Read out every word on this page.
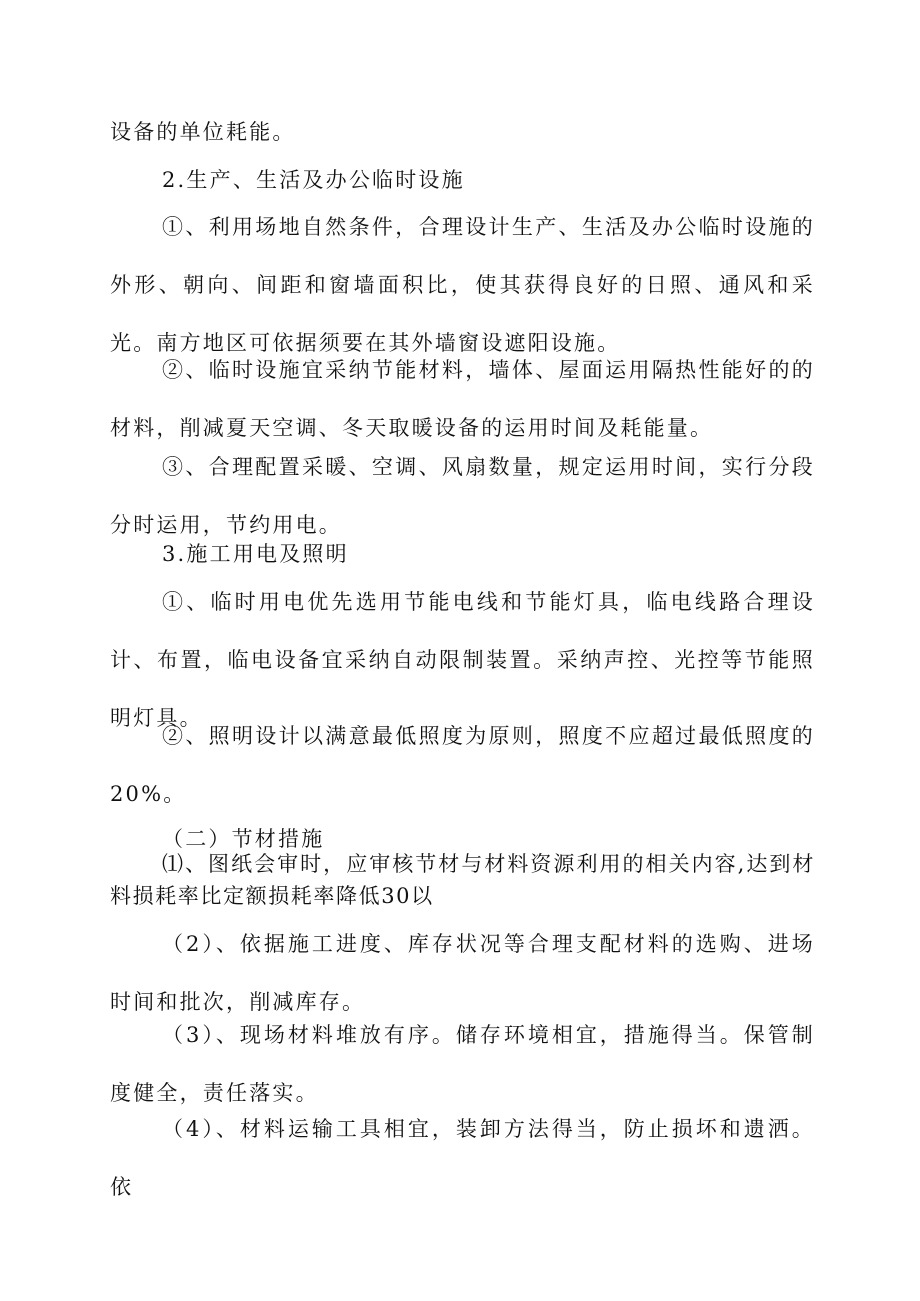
设备的单位耗能。

2.生产、生活及办公临时设施

①、利用场地自然条件，合理设计生产、生活及办公临时设施的外形、朝向、间距和窗墙面积比，使其获得良好的日照、通风和采光。南方地区可依据须要在其外墙窗设遮阳设施。

②、临时设施宜采纳节能材料，墙体、屋面运用隔热性能好的的材料，削减夏天空调、冬天取暖设备的运用时间及耗能量。

③、合理配置采暖、空调、风扇数量，规定运用时间，实行分段分时运用，节约用电。

3.施工用电及照明

①、临时用电优先选用节能电线和节能灯具，临电线路合理设计、布置，临电设备宜采纳自动限制装置。采纳声控、光控等节能照明灯具。

②、照明设计以满意最低照度为原则，照度不应超过最低照度的20%。

（二）节材措施

⑴、图纸会审时，应审核节材与材料资源利用的相关内容,达到材料损耗率比定额损耗率降低30以

（2）、依据施工进度、库存状况等合理支配材料的选购、进场时间和批次，削减库存。

（3）、现场材料堆放有序。储存环境相宜，措施得当。保管制度健全，责任落实。

（4）、材料运输工具相宜，装卸方法得当，防止损坏和遗洒。依
